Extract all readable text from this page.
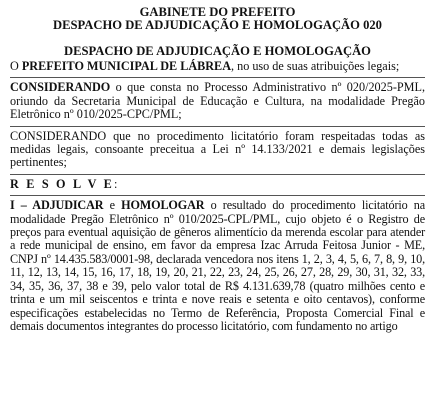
GABINETE DO PREFEITO
DESPACHO DE ADJUDICAÇÃO E HOMOLOGAÇÃO 020
DESPACHO DE ADJUDICAÇÃO E HOMOLOGAÇÃO

O PREFEITO MUNICIPAL DE LÁBREA, no uso de suas atribuições legais;

CONSIDERANDO o que consta no Processo Administrativo nº 020/2025-PML, oriundo da Secretaria Municipal de Educação e Cultura, na modalidade Pregão Eletrônico nº 010/2025-CPC/PML;

CONSIDERANDO que no procedimento licitatório foram respeitadas todas as medidas legais, consoante preceitua a Lei nº 14.133/2021 e demais legislações pertinentes;

R E S O L V E:

I – ADJUDICAR e HOMOLOGAR o resultado do procedimento licitatório na modalidade Pregão Eletrônico nº 010/2025-CPL/PML, cujo objeto é o Registro de preços para eventual aquisição de gêneros alimentício da merenda escolar para atender a rede municipal de ensino, em favor da empresa Izac Arruda Feitosa Junior - ME, CNPJ nº 14.435.583/0001-98, declarada vencedora nos itens 1, 2, 3, 4, 5, 6, 7, 8, 9, 10, 11, 12, 13, 14, 15, 16, 17, 18, 19, 20, 21, 22, 23, 24, 25, 26, 27, 28, 29, 30, 31, 32, 33, 34, 35, 36, 37, 38 e 39, pelo valor total de R$ 4.131.639,78 (quatro milhões cento e trinta e um mil seiscentos e trinta e nove reais e setenta e oito centavos), conforme especificações estabelecidas no Termo de Referência, Proposta Comercial Final e demais documentos integrantes do processo licitatório, com fundamento no artigo
